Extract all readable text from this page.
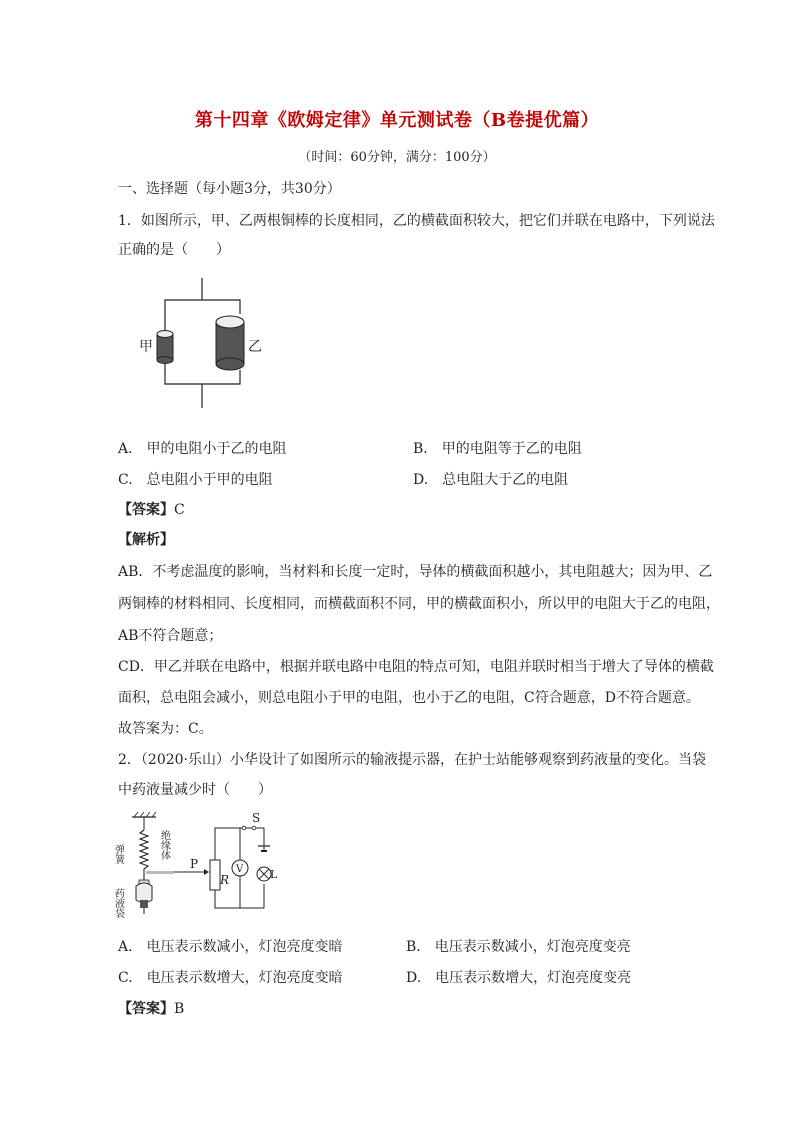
第十四章《欧姆定律》单元测试卷（B卷提优篇）
（时间：60分钟，满分：100分）
一、选择题（每小题3分，共30分）
1．如图所示，甲、乙两根铜棒的长度相同，乙的横截面积较大，把它们并联在电路中，下列说法
正确的是（　　）
甲	乙
A.　甲的电阻小于乙的电阻	B.　甲的电阻等于乙的电阻
C.　总电阻小于甲的电阻	D.　总电阻大于乙的电阻
【答案】C
【解析】
AB．不考虑温度的影响，当材料和长度一定时，导体的横截面积越小，其电阻越大；因为甲、乙
两铜棒的材料相同、长度相同，而横截面积不同，甲的横截面积小，所以甲的电阻大于乙的电阻，
AB不符合题意；
CD．甲乙并联在电路中，根据并联电路中电阻的特点可知，电阻并联时相当于增大了导体的横截
面积，总电阻会减小，则总电阻小于甲的电阻，也小于乙的电阻，C符合题意，D不符合题意。
故答案为：C。
2．（2020·乐山）小华设计了如图所示的输液提示器，在护士站能够观察到药液量的变化。当袋
中药液量减少时（　　）
弹簧	绝缘体
药液袋
P
R
V
S
L
A.　电压表示数减小，灯泡亮度变暗	B.　电压表示数减小，灯泡亮度变亮
C.　电压表示数增大，灯泡亮度变暗	D.　电压表示数增大，灯泡亮度变亮
【答案】B
